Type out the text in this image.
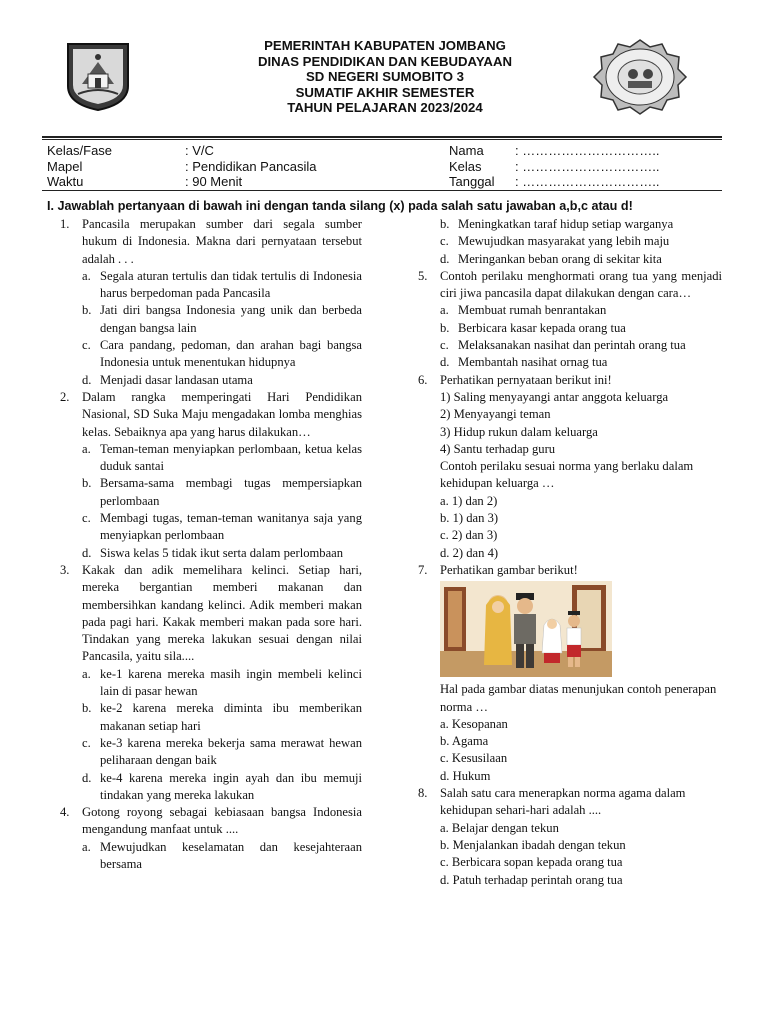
PEMERINTAH KABUPATEN JOMBANG
DINAS PENDIDIKAN DAN KEBUDAYAAN
SD NEGERI SUMOBITO 3
SUMATIF AKHIR SEMESTER
TAHUN PELAJARAN 2023/2024
Kelas/Fase
Mapel
Waktu
: V/C
: Pendidikan Pancasila
: 90 Menit
Nama
Kelas
Tanggal
: …………………………..
: …………………………..
: …………………………..
I. Jawablah pertanyaan di bawah ini dengan tanda silang (x) pada salah satu jawaban a,b,c atau d!
1. Pancasila merupakan sumber dari segala sumber hukum di Indonesia. Makna dari pernyataan tersebut adalah . . .
a. Segala aturan tertulis dan tidak tertulis di Indonesia harus berpedoman pada Pancasila
b. Jati diri bangsa Indonesia yang unik dan berbeda dengan bangsa lain
c. Cara pandang, pedoman, dan arahan bagi bangsa Indonesia untuk menentukan hidupnya
d. Menjadi dasar landasan utama
2. Dalam rangka memperingati Hari Pendidikan Nasional, SD Suka Maju mengadakan lomba menghias kelas. Sebaiknya apa yang harus dilakukan…
a. Teman-teman menyiapkan perlombaan, ketua kelas duduk santai
b. Bersama-sama membagi tugas mempersiapkan perlombaan
c. Membagi tugas, teman-teman wanitanya saja yang menyiapkan perlombaan
d. Siswa kelas 5 tidak ikut serta dalam perlombaan
3. Kakak dan adik memelihara kelinci. Setiap hari, mereka bergantian memberi makanan dan membersihkan kandang kelinci. Adik memberi makan pada pagi hari. Kakak memberi makan pada sore hari. Tindakan yang mereka lakukan sesuai dengan nilai Pancasila, yaitu sila....
a. ke-1 karena mereka masih ingin membeli kelinci lain di pasar hewan
b. ke-2 karena mereka diminta ibu memberikan makanan setiap hari
c. ke-3 karena mereka bekerja sama merawat hewan peliharaan dengan baik
d. ke-4 karena mereka ingin ayah dan ibu memuji tindakan yang mereka lakukan
4. Gotong royong sebagai kebiasaan bangsa Indonesia mengandung manfaat untuk ....
a. Mewujudkan keselamatan dan kesejahteraan bersama
b. Meningkatkan taraf hidup setiap warganya
c. Mewujudkan masyarakat yang lebih maju
d. Meringankan beban orang di sekitar kita
5. Contoh perilaku menghormati orang tua yang menjadi ciri jiwa pancasila dapat dilakukan dengan cara…
a. Membuat rumah benrantakan
b. Berbicara kasar kepada orang tua
c. Melaksanakan nasihat dan perintah orang tua
d. Membantah nasihat ornag tua
6. Perhatikan pernyataan berikut ini!
1) Saling menyayangi antar anggota keluarga
2) Menyayangi teman
3) Hidup rukun dalam keluarga
4) Santu terhadap guru
Contoh perilaku sesuai norma yang berlaku dalam kehidupan keluarga …
a. 1) dan 2)
b. 1) dan 3)
c. 2) dan 3)
d. 2) dan 4)
7. Perhatikan gambar berikut!
Hal pada gambar diatas menunjukan contoh penerapan norma …
a. Kesopanan
b. Agama
c. Kesusilaan
d. Hukum
8. Salah satu cara menerapkan norma agama dalam kehidupan sehari-hari adalah ....
a. Belajar dengan tekun
b. Menjalankan ibadah dengan tekun
c. Berbicara sopan kepada orang tua
d. Patuh terhadap perintah orang tua
